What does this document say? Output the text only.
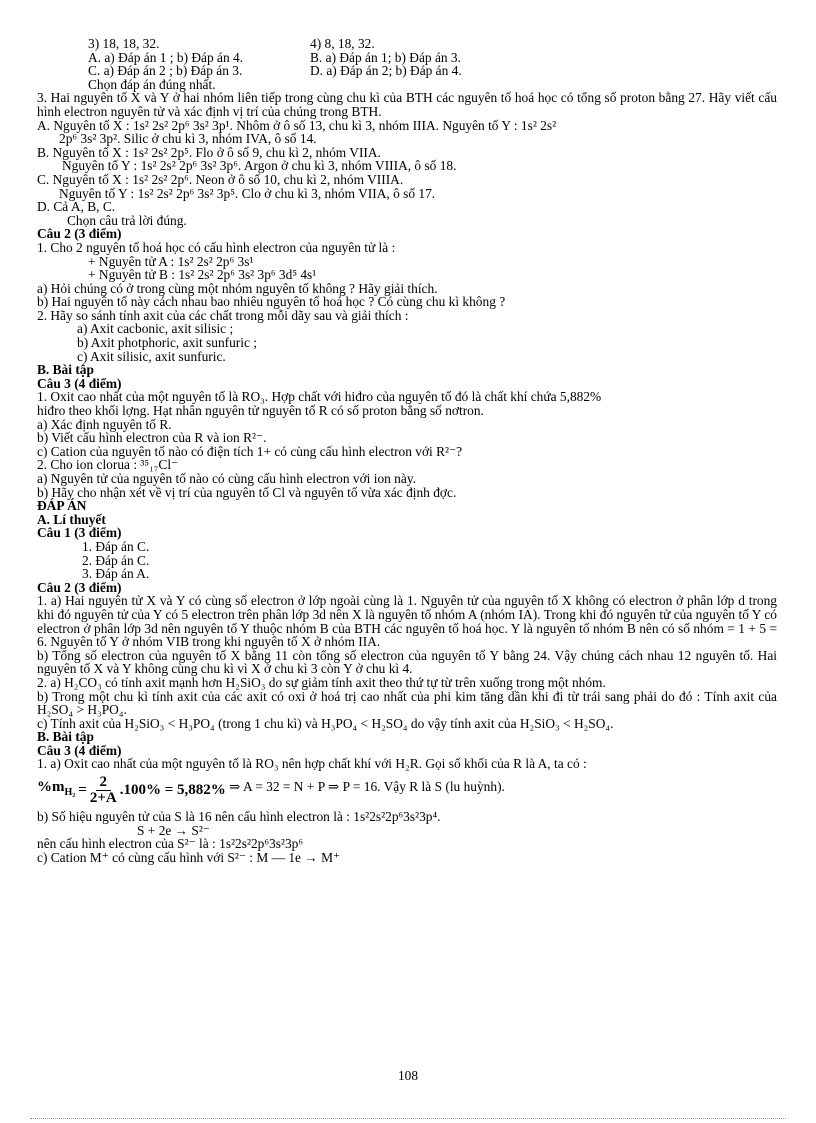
3) 18, 18, 32.	4) 8, 18, 32.
A. a) Đáp án 1 ; b) Đáp án 4.	B. a) Đáp án 1; b) Đáp án 3.
C. a) Đáp án 2 ; b) Đáp án 3.	D. a) Đáp án 2; b) Đáp án 4.
Chọn đáp án đúng nhất.
3. Hai nguyên tố X và Y ở hai nhóm liên tiếp trong cùng chu kì của BTH các nguyên tố hoá học có tổng số proton bằng 27. Hãy viết cấu hình electron nguyên tử và xác định vị trí của chúng trong BTH.
A. Nguyên tố X : 1s² 2s² 2p⁶ 3s² 3p¹. Nhôm ở ô số 13, chu kì 3, nhóm IIIA. Nguyên tố Y : 1s² 2s²
2p⁶ 3s² 3p². Silic ở chu kì 3, nhóm IVA, ô số 14.
B. Nguyên tố X : 1s² 2s² 2p⁵. Flo ở ô số 9, chu kì 2, nhóm VIIA.
Nguyên tố Y : 1s² 2s² 2p⁶ 3s² 3p⁶. Argon ở chu kì 3, nhóm VIIIA, ô số 18.
C. Nguyên tố X : 1s² 2s² 2p⁶. Neon ở ô số 10, chu kì 2, nhóm VIIIA.
Nguyên tố Y : 1s² 2s² 2p⁶ 3s² 3p⁵. Clo ở chu kì 3, nhóm VIIA, ô số 17.
D. Cả A, B, C.
Chọn câu trả lời đúng.
Câu 2 (3 điểm)
1. Cho 2 nguyên tố hoá học có cấu hình electron của nguyên tử là :
+ Nguyên tử A : 1s² 2s² 2p⁶ 3s¹
+ Nguyên tử B : 1s² 2s² 2p⁶ 3s² 3p⁶ 3d⁵ 4s¹
a) Hỏi chúng có ở trong cùng một nhóm nguyên tố không ? Hãy giải thích.
b) Hai nguyên tố này cách nhau bao nhiêu nguyên tố hoá học ? Có cùng chu kì không ?
2. Hãy so sánh tính axit của các chất trong mỗi dãy sau và giải thích :
a) Axit cacbonic, axit silisic ;
b) Axit photphoric, axit sunfuric ;
c) Axit silisic, axit sunfuric.
B. Bài tập
Câu 3 (4 điểm)
1. Oxit cao nhất của một nguyên tố là RO₃. Hợp chất với hiđro của nguyên tố đó là chất khí chứa 5,882%
hiđro theo khối lợng. Hạt nhân nguyên tử nguyên tố R có số proton bằng số nơtron.
a) Xác định nguyên tố R.
b) Viết cấu hình electron của R và ion R²⁻.
c) Cation của nguyên tố nào có điện tích 1+ có cùng cấu hình electron với R²⁻?
2. Cho ion clorua : ³⁵₁₇Cl⁻
a) Nguyên tử của nguyên tố nào có cùng cấu hình electron với ion này.
b) Hãy cho nhận xét về vị trí của nguyên tố Cl và nguyên tố vừa xác định đợc.
ĐÁP ÁN
A. Lí thuyết
Câu 1 (3 điểm)
1. Đáp án C.
2. Đáp án C.
3. Đáp án A.
Câu 2 (3 điểm)
1. a) Hai nguyên tử X và Y có cùng số electron ở lớp ngoài cùng là 1. Nguyên tử của nguyên tố X không có electron ở phân lớp d trong khi đó nguyên tử của Y có 5 electron trên phân lớp 3d nên X là nguyên tố nhóm A (nhóm IA). Trong khi đó nguyên tử của nguyên tố Y có electron ở phân lớp 3d nên nguyên tố Y thuộc nhóm B của BTH các nguyên tố hoá học. Y là nguyên tố nhóm B nên có số nhóm = 1 + 5 = 6. Nguyên tố Y ở nhóm VIB trong khi nguyên tố X ở nhóm IIA.
b) Tổng số electron của nguyên tố X bằng 11 còn tổng số electron của nguyên tố Y bằng 24. Vậy chúng cách nhau 12 nguyên tố. Hai nguyên tố X và Y không cùng chu kì vì X ở chu kì 3 còn Y ở chu kì 4.
2. a) H₂CO₃ có tính axit mạnh hơn H₂SiO₃ do sự giảm tính axit theo thứ tự từ trên xuống trong một nhóm.
b) Trong một chu kì tính axit của các axit có oxi ở hoá trị cao nhất của phi kim tăng dần khi đi từ trái sang phải do đó : Tính axit của H₂SO₄ > H₃PO₄.
c) Tính axit của H₂SiO₃ < H₃PO₄ (trong 1 chu kì) và H₃PO₄ < H₂SO₄ do vậy tính axit của H₂SiO₃ < H₂SO₄.
B. Bài tập
Câu 3 (4 điểm)
1. a) Oxit cao nhất của một nguyên tố là RO₃ nên hợp chất khí với H₂R. Gọi số khối của R là A, ta có :
$\%m_{H_2} = \frac{2}{2+A} .100\% = 5,882\%$ ⇒ A = 32 = N + P ⇒ P = 16. Vậy R là S (lu huỳnh).
b) Số hiệu nguyên tử của S là 16 nên cấu hình electron là : 1s²2s²2p⁶3s²3p⁴.
S + 2e → S²⁻
nên cấu hình electron của S²⁻ là : 1s²2s²2p⁶3s²3p⁶
c) Cation M⁺ có cùng cấu hình với S²⁻ : M — 1e → M⁺
108
